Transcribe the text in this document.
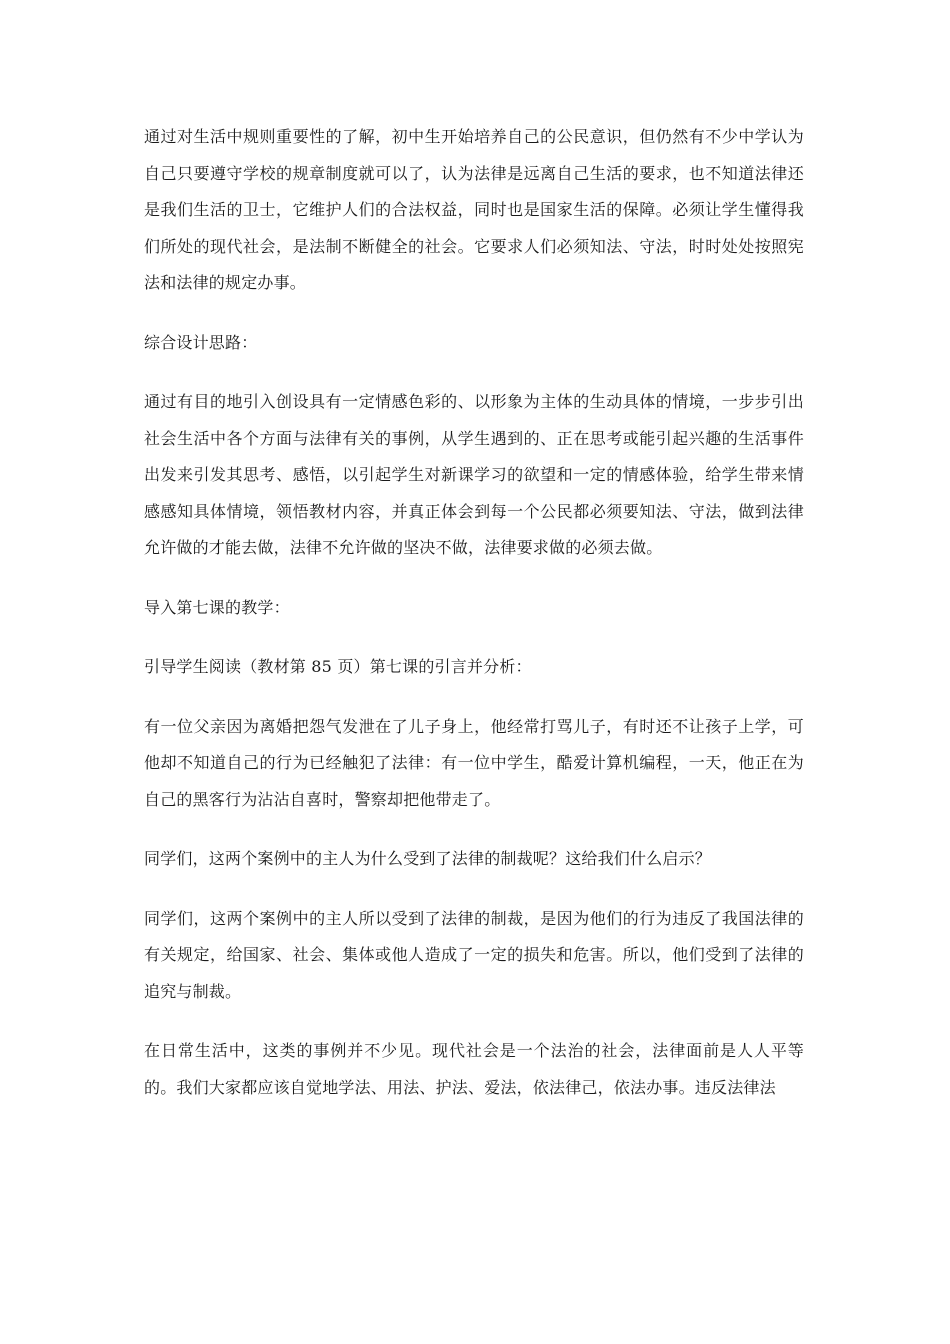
通过对生活中规则重要性的了解，初中生开始培养自己的公民意识，但仍然有不少中学认为自己只要遵守学校的规章制度就可以了，认为法律是远离自己生活的要求，也不知道法律还是我们生活的卫士，它维护人们的合法权益，同时也是国家生活的保障。必须让学生懂得我们所处的现代社会，是法制不断健全的社会。它要求人们必须知法、守法，时时处处按照宪法和法律的规定办事。

综合设计思路：

通过有目的地引入创设具有一定情感色彩的、以形象为主体的生动具体的情境，一步步引出社会生活中各个方面与法律有关的事例，从学生遇到的、正在思考或能引起兴趣的生活事件出发来引发其思考、感悟，以引起学生对新课学习的欲望和一定的情感体验，给学生带来情感感知具体情境，领悟教材内容，并真正体会到每一个公民都必须要知法、守法，做到法律允许做的才能去做，法律不允许做的坚决不做，法律要求做的必须去做。

导入第七课的教学：

引导学生阅读（教材第 85 页）第七课的引言并分析：

有一位父亲因为离婚把怨气发泄在了儿子身上，他经常打骂儿子，有时还不让孩子上学，可他却不知道自己的行为已经触犯了法律：有一位中学生，酷爱计算机编程，一天，他正在为自己的黑客行为沾沾自喜时，警察却把他带走了。

同学们，这两个案例中的主人为什么受到了法律的制裁呢？这给我们什么启示？

同学们，这两个案例中的主人所以受到了法律的制裁，是因为他们的行为违反了我国法律的有关规定，给国家、社会、集体或他人造成了一定的损失和危害。所以，他们受到了法律的追究与制裁。

在日常生活中，这类的事例并不少见。现代社会是一个法治的社会，法律面前是人人平等的。我们大家都应该自觉地学法、用法、护法、爱法，依法律己，依法办事。违反法律法
